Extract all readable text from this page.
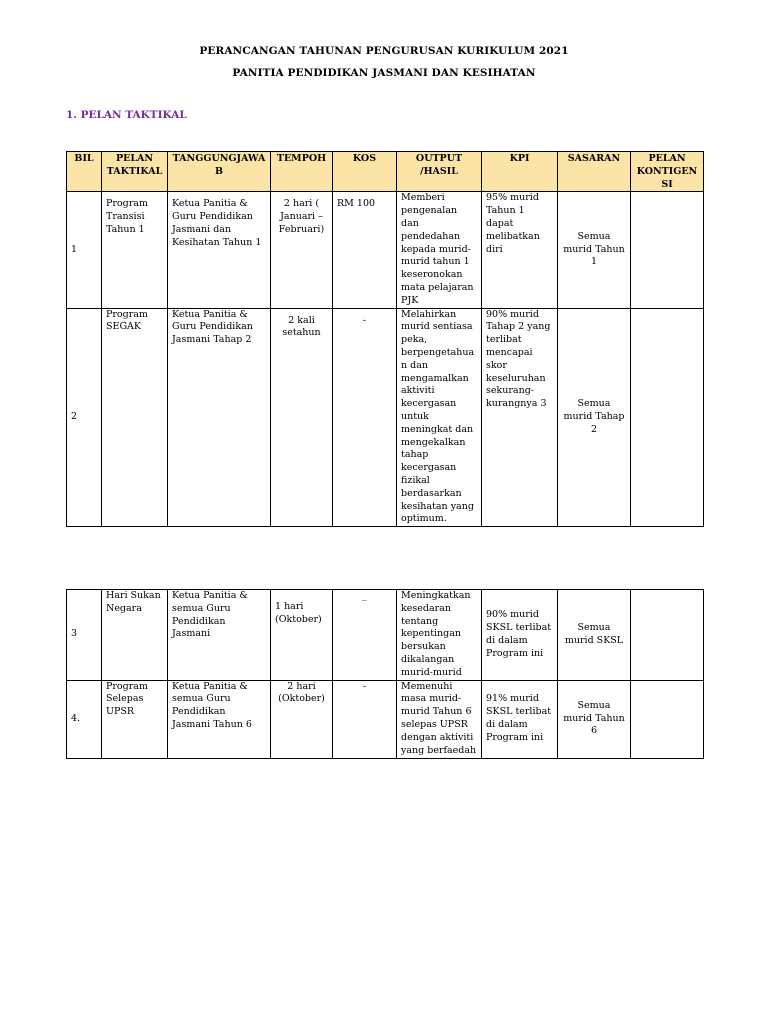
PERANCANGAN TAHUNAN PENGURUSAN KURIKULUM 2021
PANITIA PENDIDIKAN JASMANI DAN KESIHATAN
1. PELAN TAKTIKAL
BIL	PELAN TAKTIKAL	TANGGUNGJAWAB	TEMPOH	KOS	OUTPUT /HASIL	KPI	SASARAN	PELAN KONTIGENSI
1	Program Transisi Tahun 1	Ketua Panitia & Guru Pendidikan Jasmani dan Kesihatan Tahun 1	2 hari ( Januari – Februari)	RM 100	Memberi pengenalan dan pendedahan kepada murid-murid tahun 1 keseronokan mata pelajaran PJK	95% murid Tahun 1 dapat melibatkan diri	Semua murid Tahun 1	
2	Program SEGAK	Ketua Panitia & Guru Pendidikan Jasmani Tahap 2	2 kali setahun	-	Melahirkan murid sentiasa peka, berpengetahuan dan mengamalkan aktiviti kecergasan untuk meningkat dan mengekalkan tahap kecergasan fizikal berdasarkan kesihatan yang optimum.	90% murid Tahap 2 yang terlibat mencapai skor keseluruhan sekurang-kurangnya 3	Semua murid Tahap 2	
3	Hari Sukan Negara	Ketua Panitia & semua Guru Pendidikan Jasmani	1 hari (Oktober)	_	Meningkatkan kesedaran tentang kepentingan bersukan dikalangan murid-murid	90% murid SKSL terlibat di dalam Program ini	Semua murid SKSL	
4.	Program Selepas UPSR	Ketua Panitia & semua Guru Pendidikan Jasmani Tahun 6	2 hari (Oktober)	-	Memenuhi masa murid-murid Tahun 6 selepas UPSR dengan aktiviti yang berfaedah	91% murid SKSL terlibat di dalam Program ini	Semua murid Tahun 6	
